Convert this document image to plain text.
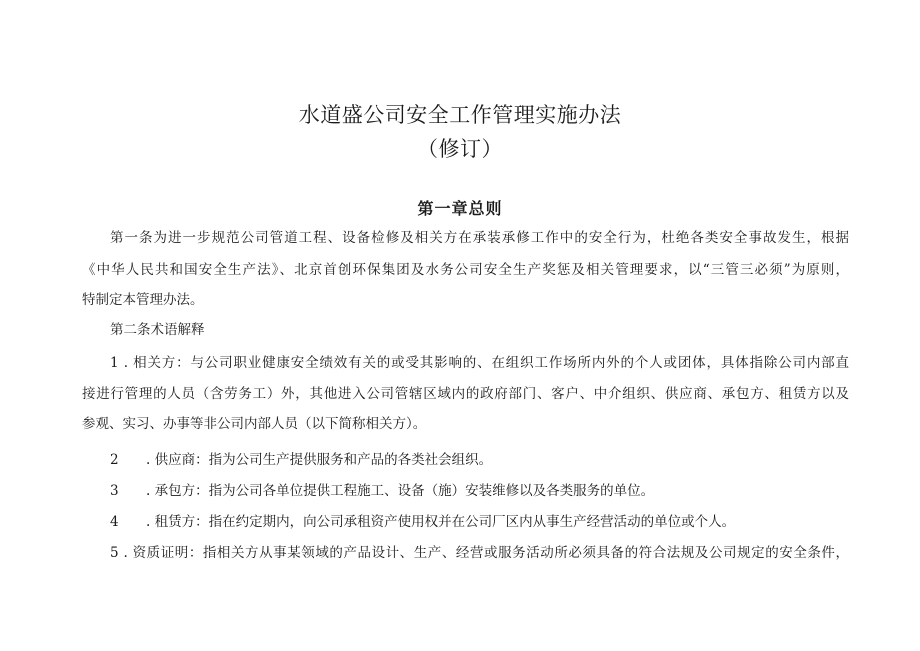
水道盛公司安全工作管理实施办法
（修订）
第一章总则
第一条为进一步规范公司管道工程、设备检修及相关方在承装承修工作中的安全行为，杜绝各类安全事故发生，根据
《中华人民共和国安全生产法》、北京首创环保集团及水务公司安全生产奖惩及相关管理要求，以“三管三必须”为原则，
特制定本管理办法。
第二条术语解释
1 . 相关方：与公司职业健康安全绩效有关的或受其影响的、在组织工作场所内外的个人或团体，具体指除公司内部直
接进行管理的人员（含劳务工）外，其他进入公司管辖区域内的政府部门、客户、中介组织、供应商、承包方、租赁方以及
参观、实习、办事等非公司内部人员（以下简称相关方）。
2 . 供应商：指为公司生产提供服务和产品的各类社会组织。
3 . 承包方：指为公司各单位提供工程施工、设备（施）安装维修以及各类服务的单位。
4 . 租赁方：指在约定期内，向公司承租资产使用权并在公司厂区内从事生产经营活动的单位或个人。
5 . 资质证明：指相关方从事某领域的产品设计、生产、经营或服务活动所必须具备的符合法规及公司规定的安全条件，
